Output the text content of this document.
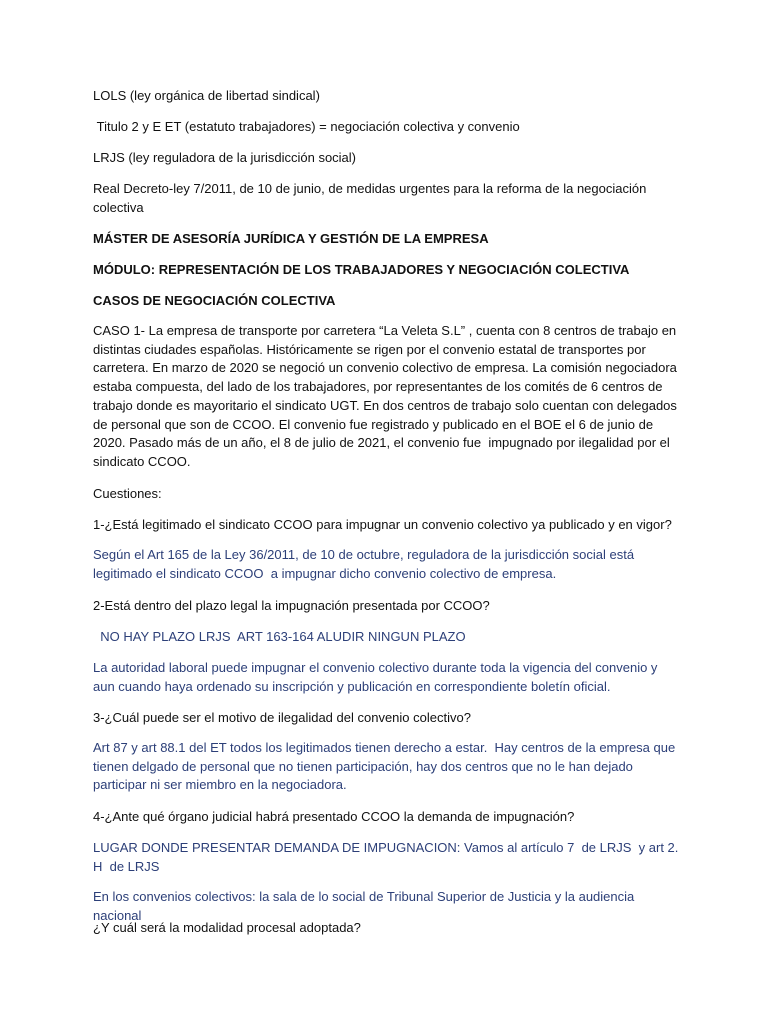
LOLS (ley orgánica de libertad sindical)

Titulo 2 y E ET (estatuto trabajadores) = negociación colectiva y convenio

LRJS (ley reguladora de la jurisdicción social)

Real Decreto-ley 7/2011, de 10 de junio, de medidas urgentes para la reforma de la negociación colectiva

MÁSTER DE ASESORÍA JURÍDICA Y GESTIÓN DE LA EMPRESA

MÓDULO: REPRESENTACIÓN DE LOS TRABAJADORES Y NEGOCIACIÓN COLECTIVA

CASOS DE NEGOCIACIÓN COLECTIVA

CASO 1- La empresa de transporte por carretera “La Veleta S.L” , cuenta con 8 centros de trabajo en distintas ciudades españolas. Históricamente se rigen por el convenio estatal de transportes por carretera. En marzo de 2020 se negoció un convenio colectivo de empresa. La comisión negociadora estaba compuesta, del lado de los trabajadores, por representantes de los comités de 6 centros de trabajo donde es mayoritario el sindicato UGT. En dos centros de trabajo solo cuentan con delegados de personal que son de CCOO. El convenio fue registrado y publicado en el BOE el 6 de junio de 2020. Pasado más de un año, el 8 de julio de 2021, el convenio fue  impugnado por ilegalidad por el sindicato CCOO.

Cuestiones:

1-¿Está legitimado el sindicato CCOO para impugnar un convenio colectivo ya publicado y en vigor?

Según el Art 165 de la Ley 36/2011, de 10 de octubre, reguladora de la jurisdicción social está legitimado el sindicato CCOO  a impugnar dicho convenio colectivo de empresa.

2-Está dentro del plazo legal la impugnación presentada por CCOO?

NO HAY PLAZO LRJS  ART 163-164 ALUDIR NINGUN PLAZO

La autoridad laboral puede impugnar el convenio colectivo durante toda la vigencia del convenio y aun cuando haya ordenado su inscripción y publicación en correspondiente boletín oficial.

3-¿Cuál puede ser el motivo de ilegalidad del convenio colectivo?

Art 87 y art 88.1 del ET todos los legitimados tienen derecho a estar.  Hay centros de la empresa que tienen delgado de personal que no tienen participación, hay dos centros que no le han dejado participar ni ser miembro en la negociadora.

4-¿Ante qué órgano judicial habrá presentado CCOO la demanda de impugnación?

LUGAR DONDE PRESENTAR DEMANDA DE IMPUGNACION: Vamos al artículo 7  de LRJS  y art 2. H  de LRJS

En los convenios colectivos: la sala de lo social de Tribunal Superior de Justicia y la audiencia nacional

¿Y cuál será la modalidad procesal adoptada?
